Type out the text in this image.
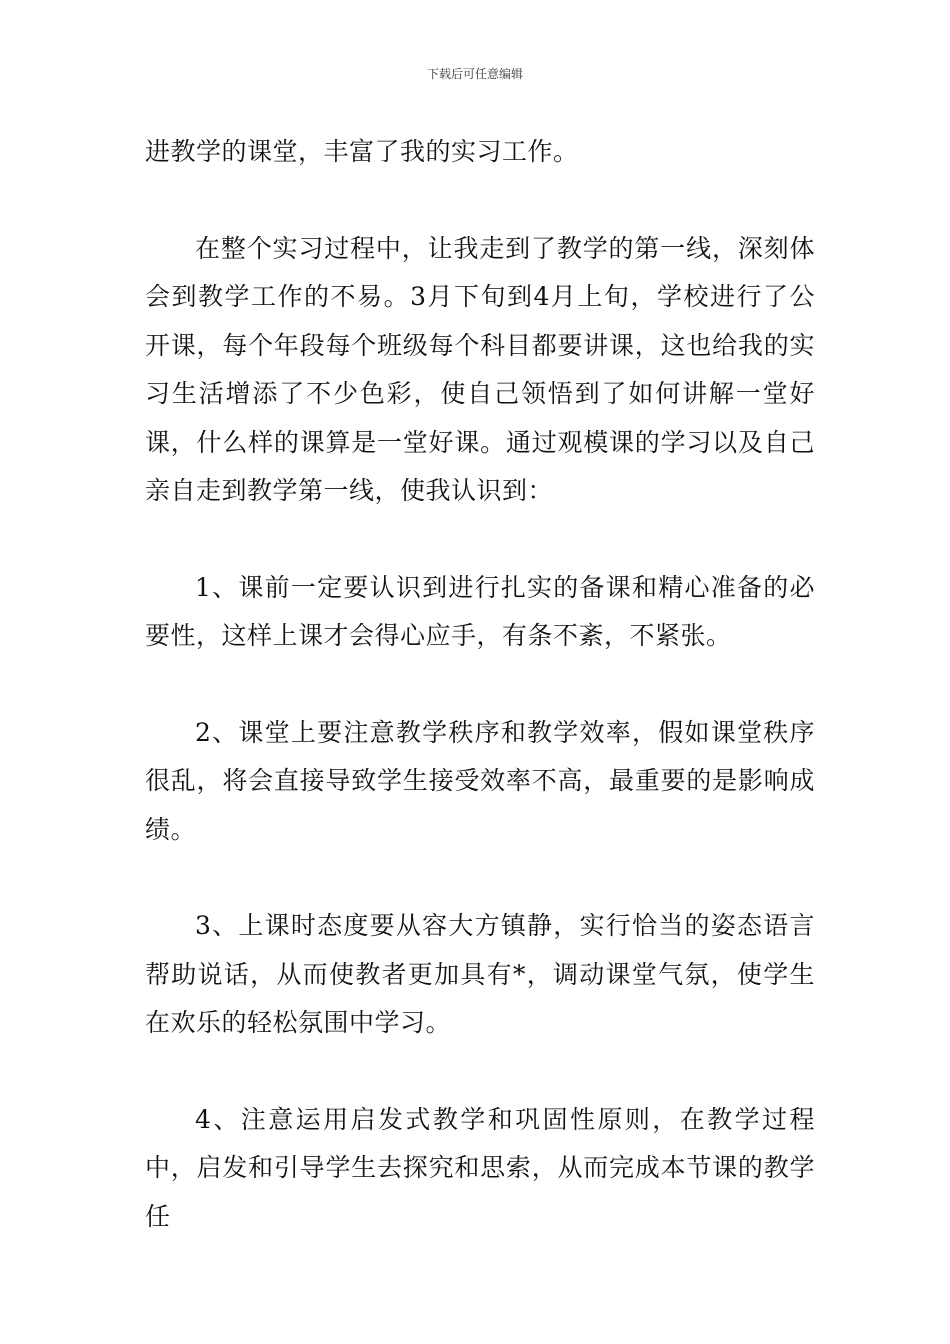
下载后可任意编辑

进教学的课堂，丰富了我的实习工作。

在整个实习过程中，让我走到了教学的第一线，深刻体会到教学工作的不易。3月下旬到4月上旬，学校进行了公开课，每个年段每个班级每个科目都要讲课，这也给我的实习生活增添了不少色彩，使自己领悟到了如何讲解一堂好课，什么样的课算是一堂好课。通过观模课的学习以及自己亲自走到教学第一线，使我认识到：

1、课前一定要认识到进行扎实的备课和精心准备的必要性，这样上课才会得心应手，有条不紊，不紧张。

2、课堂上要注意教学秩序和教学效率，假如课堂秩序很乱，将会直接导致学生接受效率不高，最重要的是影响成绩。

3、上课时态度要从容大方镇静，实行恰当的姿态语言帮助说话，从而使教者更加具有*，调动课堂气氛，使学生在欢乐的轻松氛围中学习。

4、注意运用启发式教学和巩固性原则，在教学过程中，启发和引导学生去探究和思索，从而完成本节课的教学任
